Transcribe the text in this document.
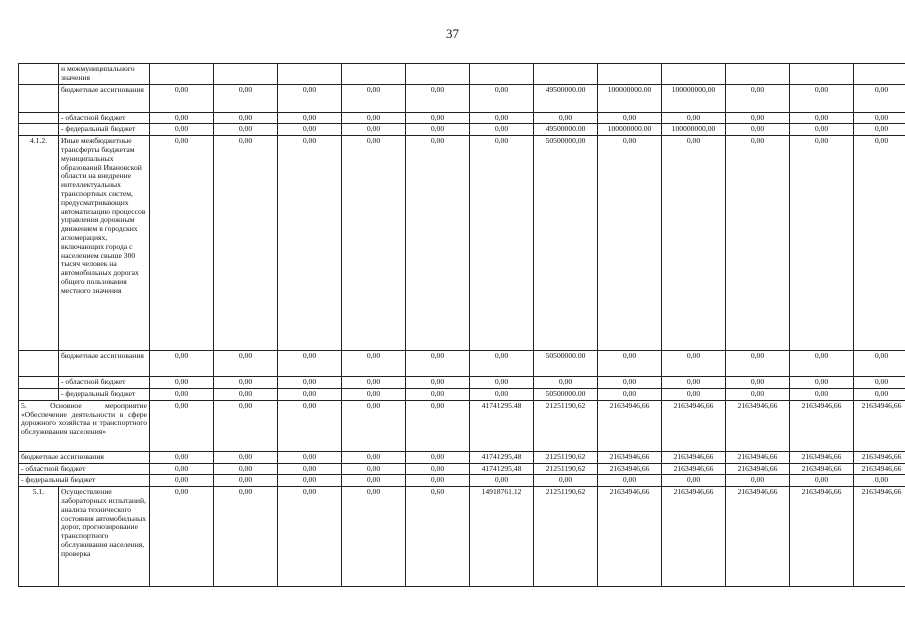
37
	и межмуниципального значения													
	бюджетные ассигнования	0,00	0,00	0,00	0,00	0,00	0,00	49500000.00	100000000.00	100000000,00	0,00	0,00	0,00	
	- областной бюджет	0,00	0,00	0,00	0,00	0,00	0,00	0,00	0,00	0,00	0,00	0,00	0,00	
	- федеральный бюджет	0,00	0,00	0,00	0,00	0,00	0,00	49500000.00	100000000.00	100000000,00	0,00	0,00	0,00	
4.1.2.	Иные межбюджетные трансферты бюджетам муниципальных образований Ивановской области на внедрение интеллектуальных транспортных систем, предусматривающих автоматизацию процессов управления дорожным движением в городских агломерациях, включающих города с населением свыше 300 тысяч человек на автомобильных дорогах общего пользования местного значения	0,00	0,00	0,00	0,00	0,00	0,00	50500000,00	0,00	0,00	0,00	0,00	0,00	
	бюджетные ассигнования	0,00	0,00	0,00	0,00	0,00	0,00	50500000.00	0,00	0,00	0,00	0,00	0,00	
	- областной бюджет	0,00	0,00	0,00	0,00	0,00	0,00	0,00	0,00	0,00	0,00	0,00	0,00	
	- федеральный бюджет	0,00	0,00	0,00	0,00	0,00	0,00	50500000.00	0,00	0,00	0,00	0,00	0,00	
5. Основное мероприятие «Обеспечение деятельности в сфере дорожного хозяйства и транспортного обслуживания населения»		0,00	0,00	0,00	0,00	0,00	41741295.48	21251190,62	21634946,66	21634946,66	21634946,66	21634946,66	21634946,66	
бюджетные ассигнования		0,00	0,00	0,00	0,00	0,00	41741295,48	21251190,62	21634946,66	21634946,66	21634946,66	21634946,66	21634946,66	
- областной бюджет		0,00	0,00	0,00	0,00	0,00	41741295,48	21251190,62	21634946,66	21634946,66	21634946,66	21634946,66	21634946,66	
- федеральный бюджет		0,00	0,00	0,00	0,00	0,00	0,00	0,00	0,00	0,00	0,00	0,00	0,00	
5.1.	Осуществление лабораторных испытаний, анализа технического состояния автомобильных дорог, прогнозирование транспортного обслуживания населения, проверка	0,00	0,00	0,00	0,00	0,60	14918761.12	21251190,62	21634946,66	21634946,66	21634946,66	21634946,66	21634946,66	
